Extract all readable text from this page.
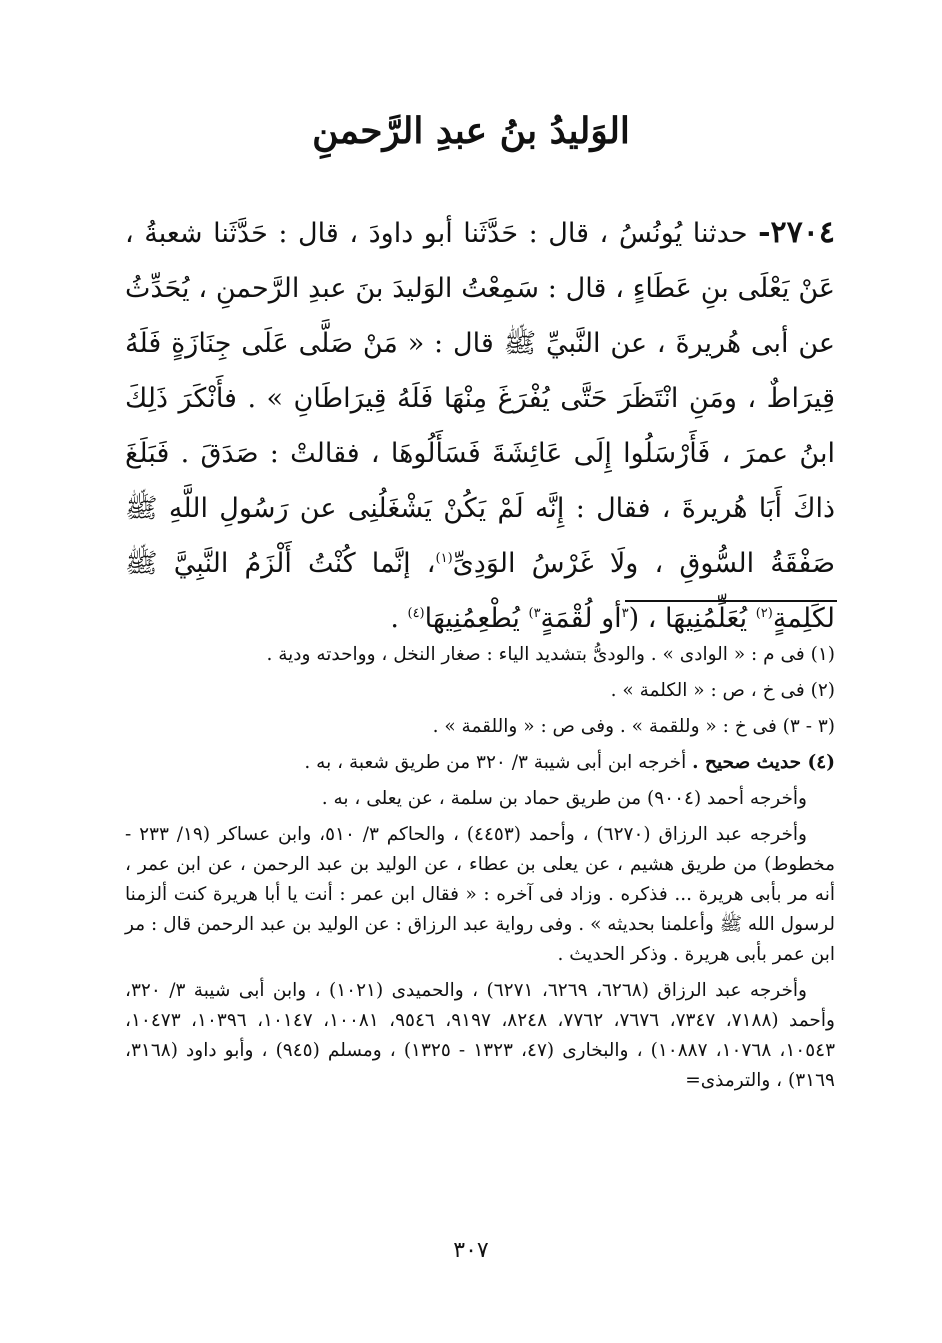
الوَليدُ بنُ عبدِ الرَّحمنِ
٢٧٠٤- حدثنا يُونُسُ ، قال : حَدَّثَنا أبو داودَ ، قال : حَدَّثَنا شعبةُ ، عَنْ يَعْلَى بنِ عَطَاءٍ ، قال : سَمِعْتُ الوَليدَ بنَ عبدِ الرَّحمنِ ، يُحَدِّثُ عن أبى هُريرةَ ، عن النَّبيِّ ﷺ قال : « مَنْ صَلَّى عَلَى جِنَازَةٍ فَلَهُ قِيرَاطٌ ، ومَنِ انْتَظَرَ حَتَّى يُفْرَغَ مِنْهَا فَلَهُ قِيرَاطَانِ » . فأَنْكَرَ ذَلِكَ ابنُ عمرَ ، فَأَرْسَلُوا إِلَى عَائِشَةَ فَسَأَلُوهَا ، فقالتْ : صَدَقَ . فَبَلَغَ ذاكَ أَبَا هُريرةَ ، فقال : إِنَّه لَمْ يَكُنْ يَشْغَلُنِى عن رَسُولِ اللَّهِ ﷺ صَفْقَةُ السُّوقِ ، ولَا غَرْسُ الوَدِىِّ$^{(١)}$، إنَّما كُنْتُ أَلْزَمُ النَّبِيَّ ﷺ لكَلِمةٍ$^{(٢)}$ يُعَلِّمُنِيهَا ، ($^٣$أو لُقْمَةٍ$^{٣)}$ يُطْعِمُنِيهَا$^{(٤)}$ .

(١) فى م : « الوادى » . والودىُّ بتشديد الياء : صغار النخل ، وواحدته ودية .

(٢) فى خ ، ص : « الكلمة » .

(٣ - ٣) فى خ : « وللقمة » . وفى ص : « واللقمة » .

(٤) حديث صحيح . أخرجه ابن أبى شيبة ٣/ ٣٢٠ من طريق شعبة ، به .

وأخرجه أحمد (٩٠٠٤) من طريق حماد بن سلمة ، عن يعلى ، به .

وأخرجه عبد الرزاق (٦٢٧٠) ، وأحمد (٤٤٥٣) ، والحاكم ٣/ ٥١٠، وابن عساكر (١٩/ ٢٣٣ - مخطوط) من طريق هشيم ، عن يعلى بن عطاء ، عن الوليد بن عبد الرحمن ، عن ابن عمر ، أنه مر بأبى هريرة ... فذكره . وزاد فى آخره : « فقال ابن عمر : أنت يا أبا هريرة كنت ألزمنا لرسول الله ﷺ وأعلمنا بحديثه » . وفى رواية عبد الرزاق : عن الوليد بن عبد الرحمن قال : مر ابن عمر بأبى هريرة . وذكر الحديث .

وأخرجه عبد الرزاق (٦٢٦٨، ٦٢٦٩، ٦٢٧١) ، والحميدى (١٠٢١) ، وابن أبى شيبة ٣/ ٣٢٠، وأحمد (٧١٨٨، ٧٣٤٧، ٧٦٧٦، ٧٧٦٢، ٨٢٤٨، ٩١٩٧، ٩٥٤٦، ١٠٠٨١، ١٠١٤٧، ١٠٣٩٦، ١٠٤٧٣، ١٠٥٤٣، ١٠٧٦٨، ١٠٨٨٧) ، والبخارى (٤٧، ١٣٢٣ - ١٣٢٥) ، ومسلم (٩٤٥) ، وأبو داود (٣١٦٨، ٣١٦٩) ، والترمذى=

٣٠٧
